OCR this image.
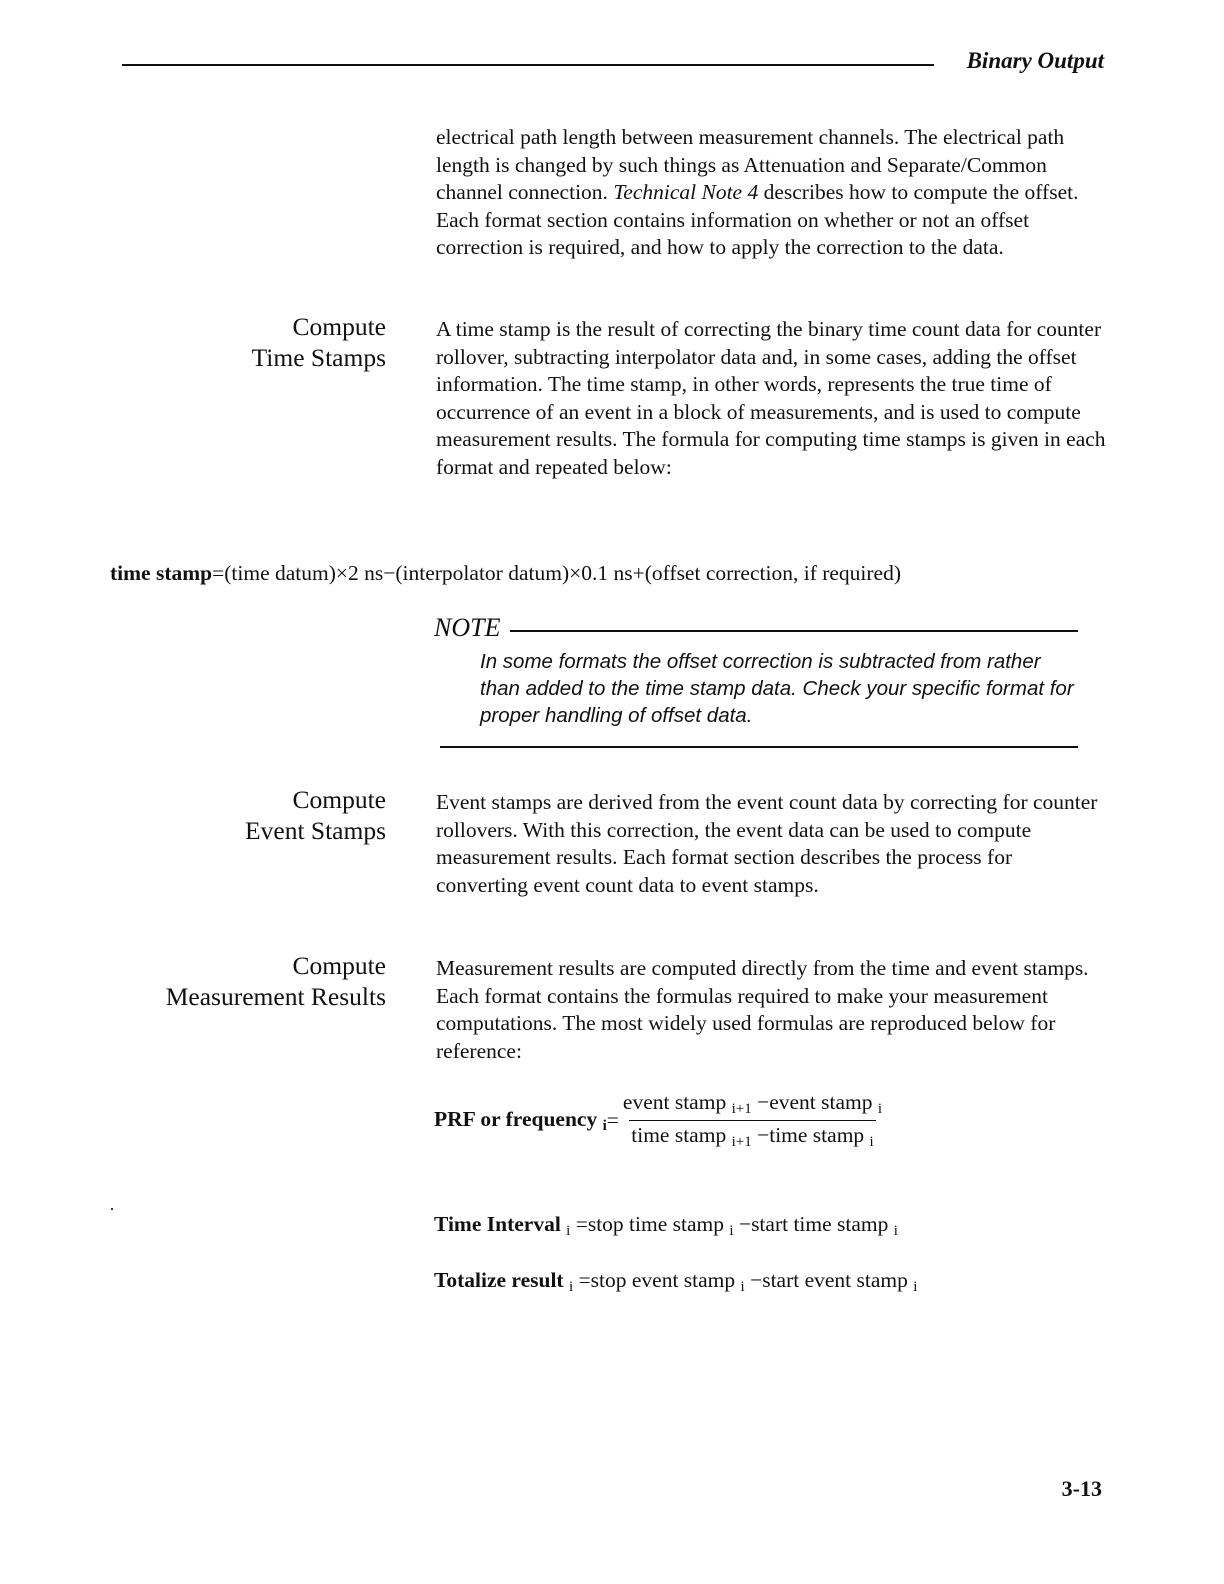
Binary Output
electrical path length between measurement channels. The electrical path length is changed by such things as Attenuation and Separate/Common channel connection. Technical Note 4 describes how to compute the offset. Each format section contains information on whether or not an offset correction is required, and how to apply the correction to the data.
Compute
Time Stamps
A time stamp is the result of correcting the binary time count data for counter rollover, subtracting interpolator data and, in some cases, adding the offset information. The time stamp, in other words, represents the true time of occurrence of an event in a block of measurements, and is used to compute measurement results. The formula for computing time stamps is given in each format and repeated below:
time stamp=(time datum)×2 ns−(interpolator datum)×0.1 ns+(offset correction, if required)
NOTE
In some formats the offset correction is subtracted from rather than added to the time stamp data. Check your specific format for proper handling of offset data.
Compute
Event Stamps
Event stamps are derived from the event count data by correcting for counter rollovers. With this correction, the event data can be used to compute measurement results. Each format section describes the process for converting event count data to event stamps.
Compute
Measurement Results
Measurement results are computed directly from the time and event stamps. Each format contains the formulas required to make your measurement computations. The most widely used formulas are reproduced below for reference:
PRF or frequency $_i = \frac{event stamp _{i+1} -event stamp _i}{time stamp _{i+1} -time stamp _i}$
Time Interval $_i$ =stop time stamp $_i$ −start time stamp $_i$
Totalize result $_i$ =stop event stamp $_i$ −start event stamp $_i$
3-13
